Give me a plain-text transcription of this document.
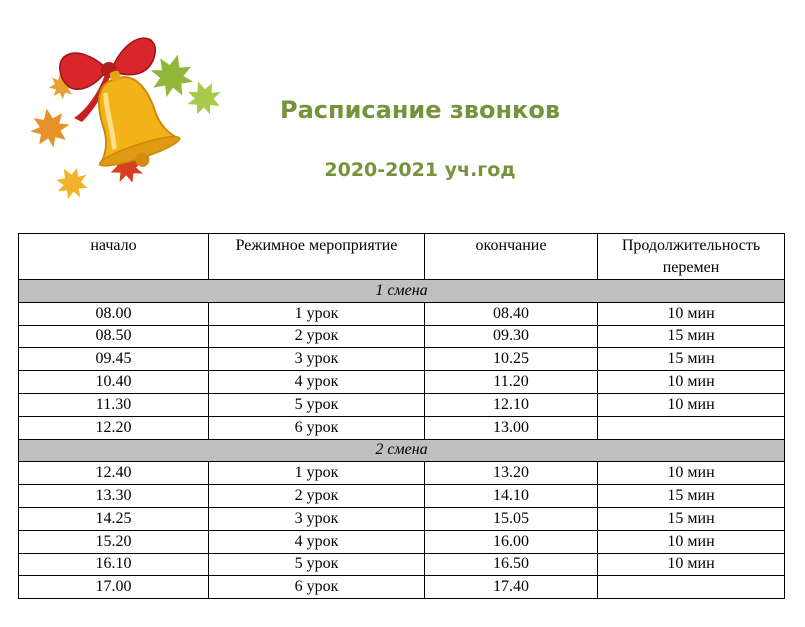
Расписание звонков
2020-2021 уч.год
начало	Режимное мероприятие	окончание	Продолжительность перемен
1 смена			
08.00	1 урок	08.40	10 мин
08.50	2 урок	09.30	15 мин
09.45	3 урок	10.25	15 мин
10.40	4 урок	11.20	10 мин
11.30	5 урок	12.10	10 мин
12.20	6 урок	13.00	
2 смена			
12.40	1 урок	13.20	10 мин
13.30	2 урок	14.10	15 мин
14.25	3 урок	15.05	15 мин
15.20	4 урок	16.00	10 мин
16.10	5 урок	16.50	10 мин
17.00	6 урок	17.40	
